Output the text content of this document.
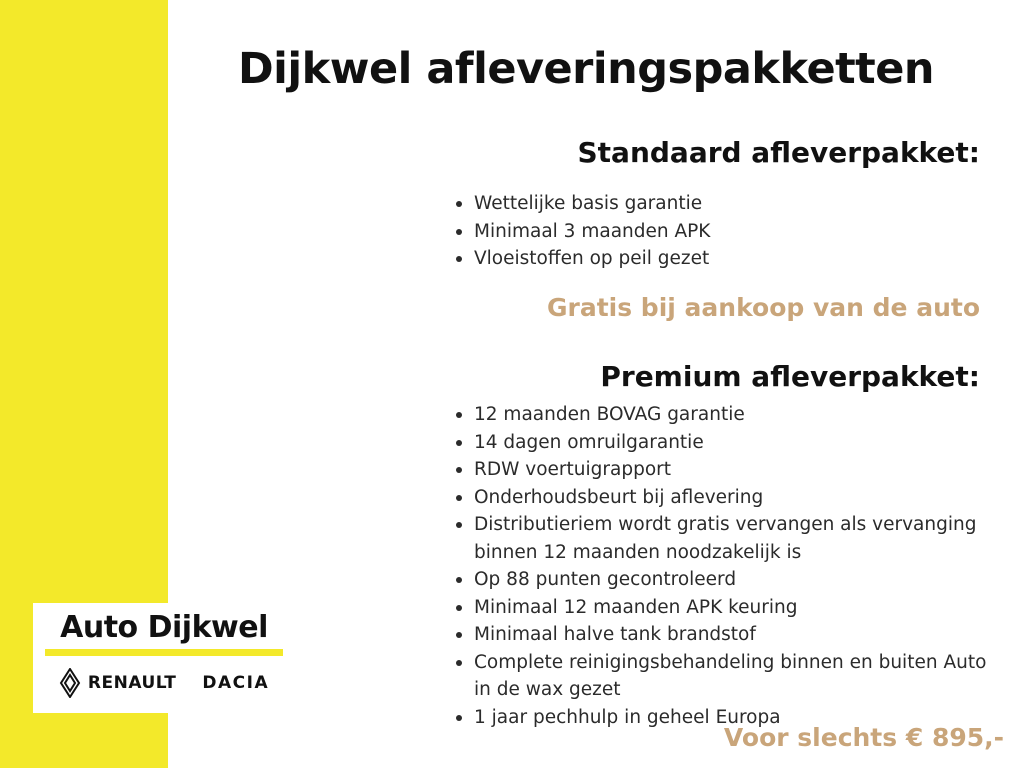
Dijkwel afleveringspakketten
Standaard afleverpakket:
Wettelijke basis garantie
Minimaal 3 maanden APK
Vloeistoffen op peil gezet
Gratis bij aankoop van de auto
Premium afleverpakket:
12 maanden BOVAG garantie
14 dagen omruilgarantie
RDW voertuigrapport
Onderhoudsbeurt bij aflevering
Distributieriem wordt gratis vervangen als vervanging binnen 12 maanden noodzakelijk is
Op 88 punten gecontroleerd
Minimaal 12 maanden APK keuring
Minimaal halve tank brandstof
Complete reinigingsbehandeling binnen en buiten Auto in de wax gezet
1 jaar pechhulp in geheel Europa
Voor slechts € 895,-
Auto Dijkwel
RENAULT DACIA
